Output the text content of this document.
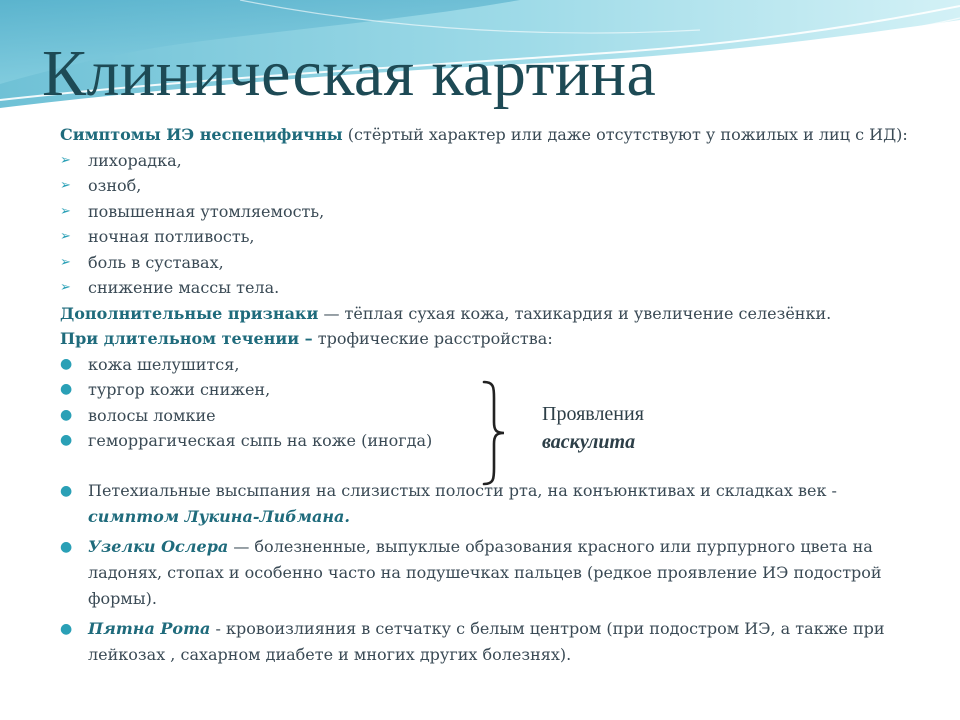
Клиническая картина

Симптомы ИЭ неспецифичны (стёртый характер или даже отсутствуют у пожилых и лиц с ИД):

➢ лихорадка,
➢ озноб,
➢ повышенная утомляемость,
➢ ночная потливость,
➢ боль в суставах,
➢ снижение массы тела.

Дополнительные признаки — тёплая сухая кожа, тахикардия и увеличение селезёнки.

При длительном течении – трофические расстройства:

● кожа шелушится,
● тургор кожи снижен,
● волосы ломкие
● геморрагическая сыпь на коже (иногда)
● Петехиальные высыпания на слизистых полости рта, на конъюнктивах и складках век - симптом Лукина-Либмана.
● Узелки Ослера — болезненные, выпуклые образования красного или пурпурного цвета на ладонях, стопах и особенно часто на подушечках пальцев (редкое проявление ИЭ подострой формы).
● Пятна Рота - кровоизлияния в сетчатку с белым центром (при подостром ИЭ, а также при лейкозах , сахарном диабете и многих других болезнях).
Проявления
васкулита
